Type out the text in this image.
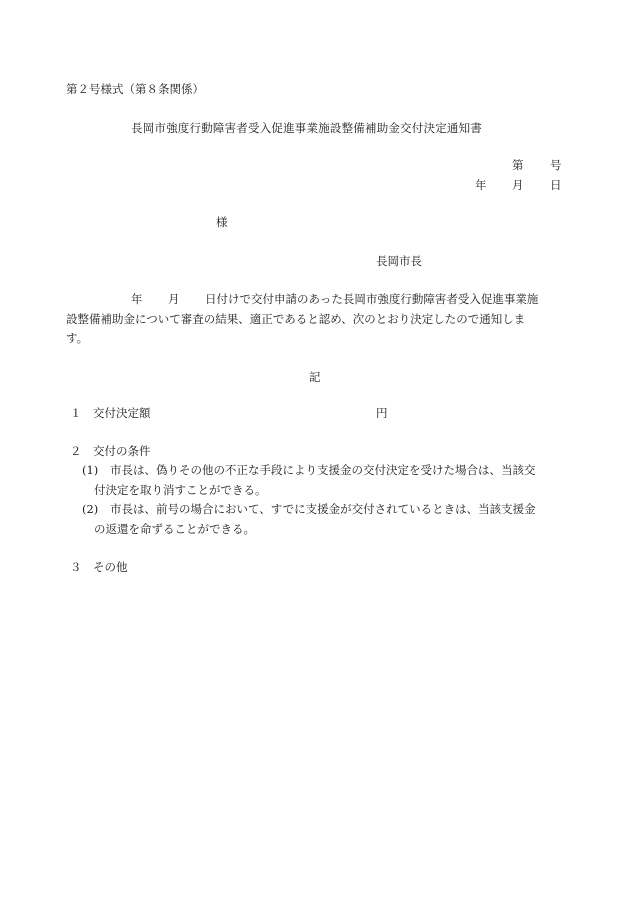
第２号様式（第８条関係）
長岡市強度行動障害者受入促進事業施設整備補助金交付決定通知書
第 号
年 月 日
様
長岡市長
年 月 日付けで交付申請のあった長岡市強度行動障害者受入促進事業施
設整備補助金について審査の結果、適正であると認め、次のとおり決定したので通知しま
す。
記
１ 交付決定額	円
２ 交付の条件
(1) 市長は、偽りその他の不正な手段により支援金の交付決定を受けた場合は、当該交
付決定を取り消すことができる。
(2) 市長は、前号の場合において、すでに支援金が交付されているときは、当該支援金
の返還を命ずることができる。
３ その他
